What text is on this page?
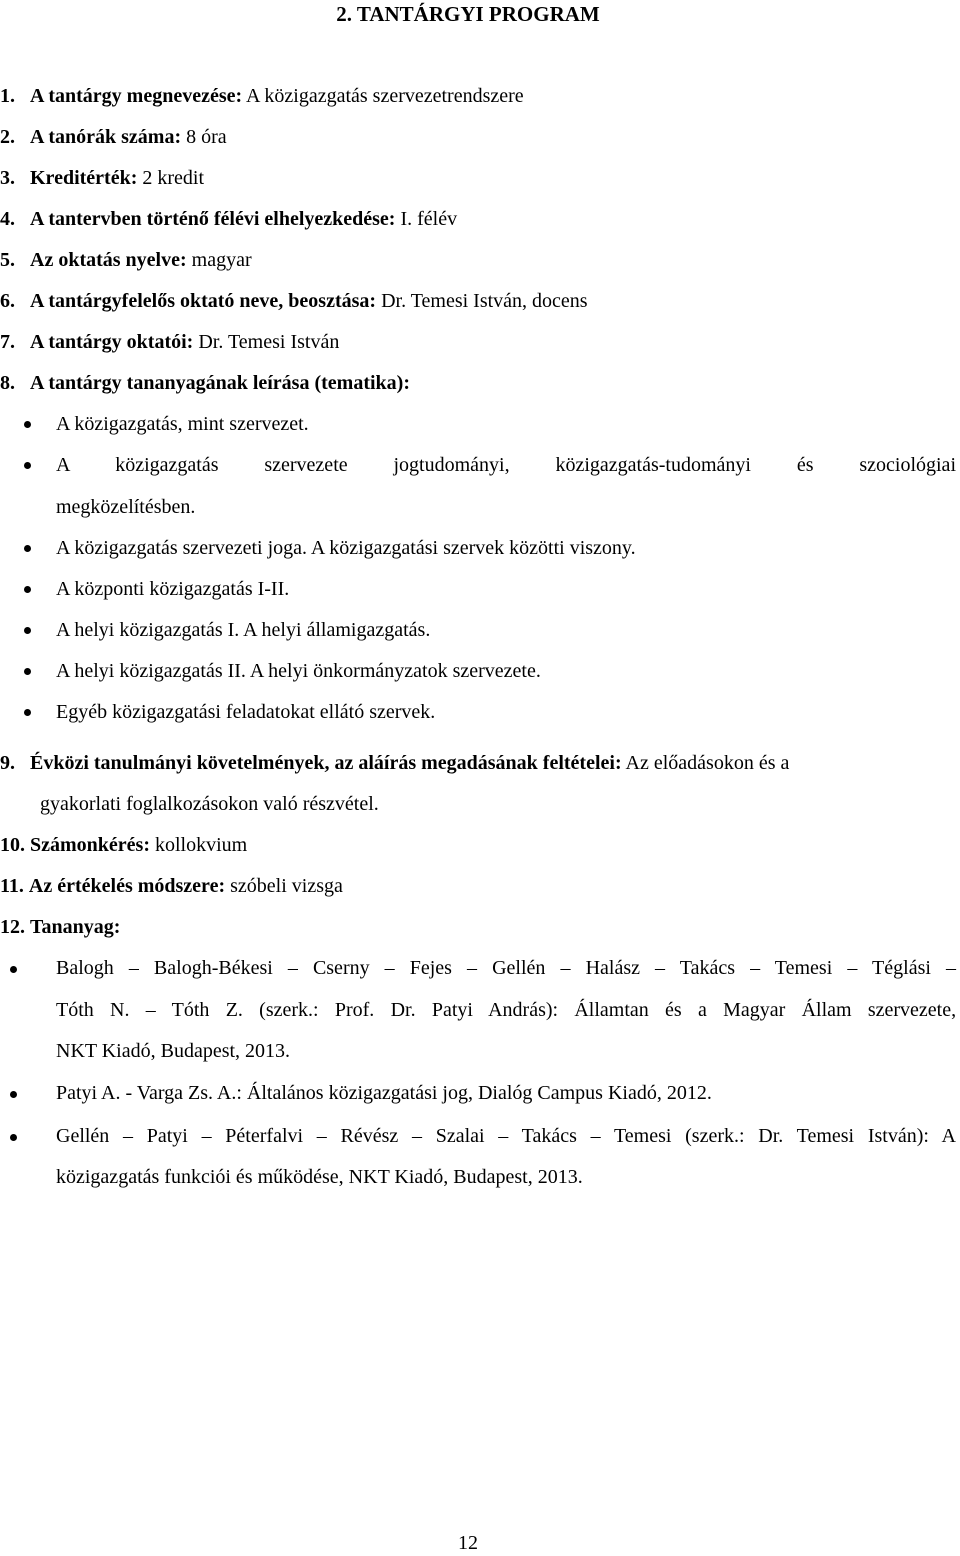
2. TANTÁRGYI PROGRAM
1. A tantárgy megnevezése: A közigazgatás szervezetrendszere
2. A tanórák száma: 8 óra
3. Kreditérték: 2 kredit
4. A tantervben történő félévi elhelyezkedése: I. félév
5. Az oktatás nyelve: magyar
6. A tantárgyfelelős oktató neve, beosztása: Dr. Temesi István, docens
7. A tantárgy oktatói: Dr. Temesi István
8. A tantárgy tananyagának leírása (tematika):
A közigazgatás, mint szervezet.
A közigazgatás szervezete jogtudományi, közigazgatás-tudományi és szociológiai
megközelítésben.
A közigazgatás szervezeti joga. A közigazgatási szervek közötti viszony.
A központi közigazgatás I-II.
A helyi közigazgatás I. A helyi államigazgatás.
A helyi közigazgatás II. A helyi önkormányzatok szervezete.
Egyéb közigazgatási feladatokat ellátó szervek.
9. Évközi tanulmányi követelmények, az aláírás megadásának feltételei: Az előadásokon és a
gyakorlati foglalkozásokon való részvétel.
10. Számonkérés: kollokvium
11. Az értékelés módszere: szóbeli vizsga
12. Tananyag:
Balogh – Balogh-Békesi – Cserny – Fejes – Gellén – Halász – Takács – Temesi – Téglási –
Tóth N. – Tóth Z. (szerk.: Prof. Dr. Patyi András): Államtan és a Magyar Állam szervezete,
NKT Kiadó, Budapest, 2013.
Patyi A. - Varga Zs. A.: Általános közigazgatási jog, Dialóg Campus Kiadó, 2012.
Gellén – Patyi – Péterfalvi – Révész – Szalai – Takács – Temesi (szerk.: Dr. Temesi István): A
közigazgatás funkciói és működése, NKT Kiadó, Budapest, 2013.
12
